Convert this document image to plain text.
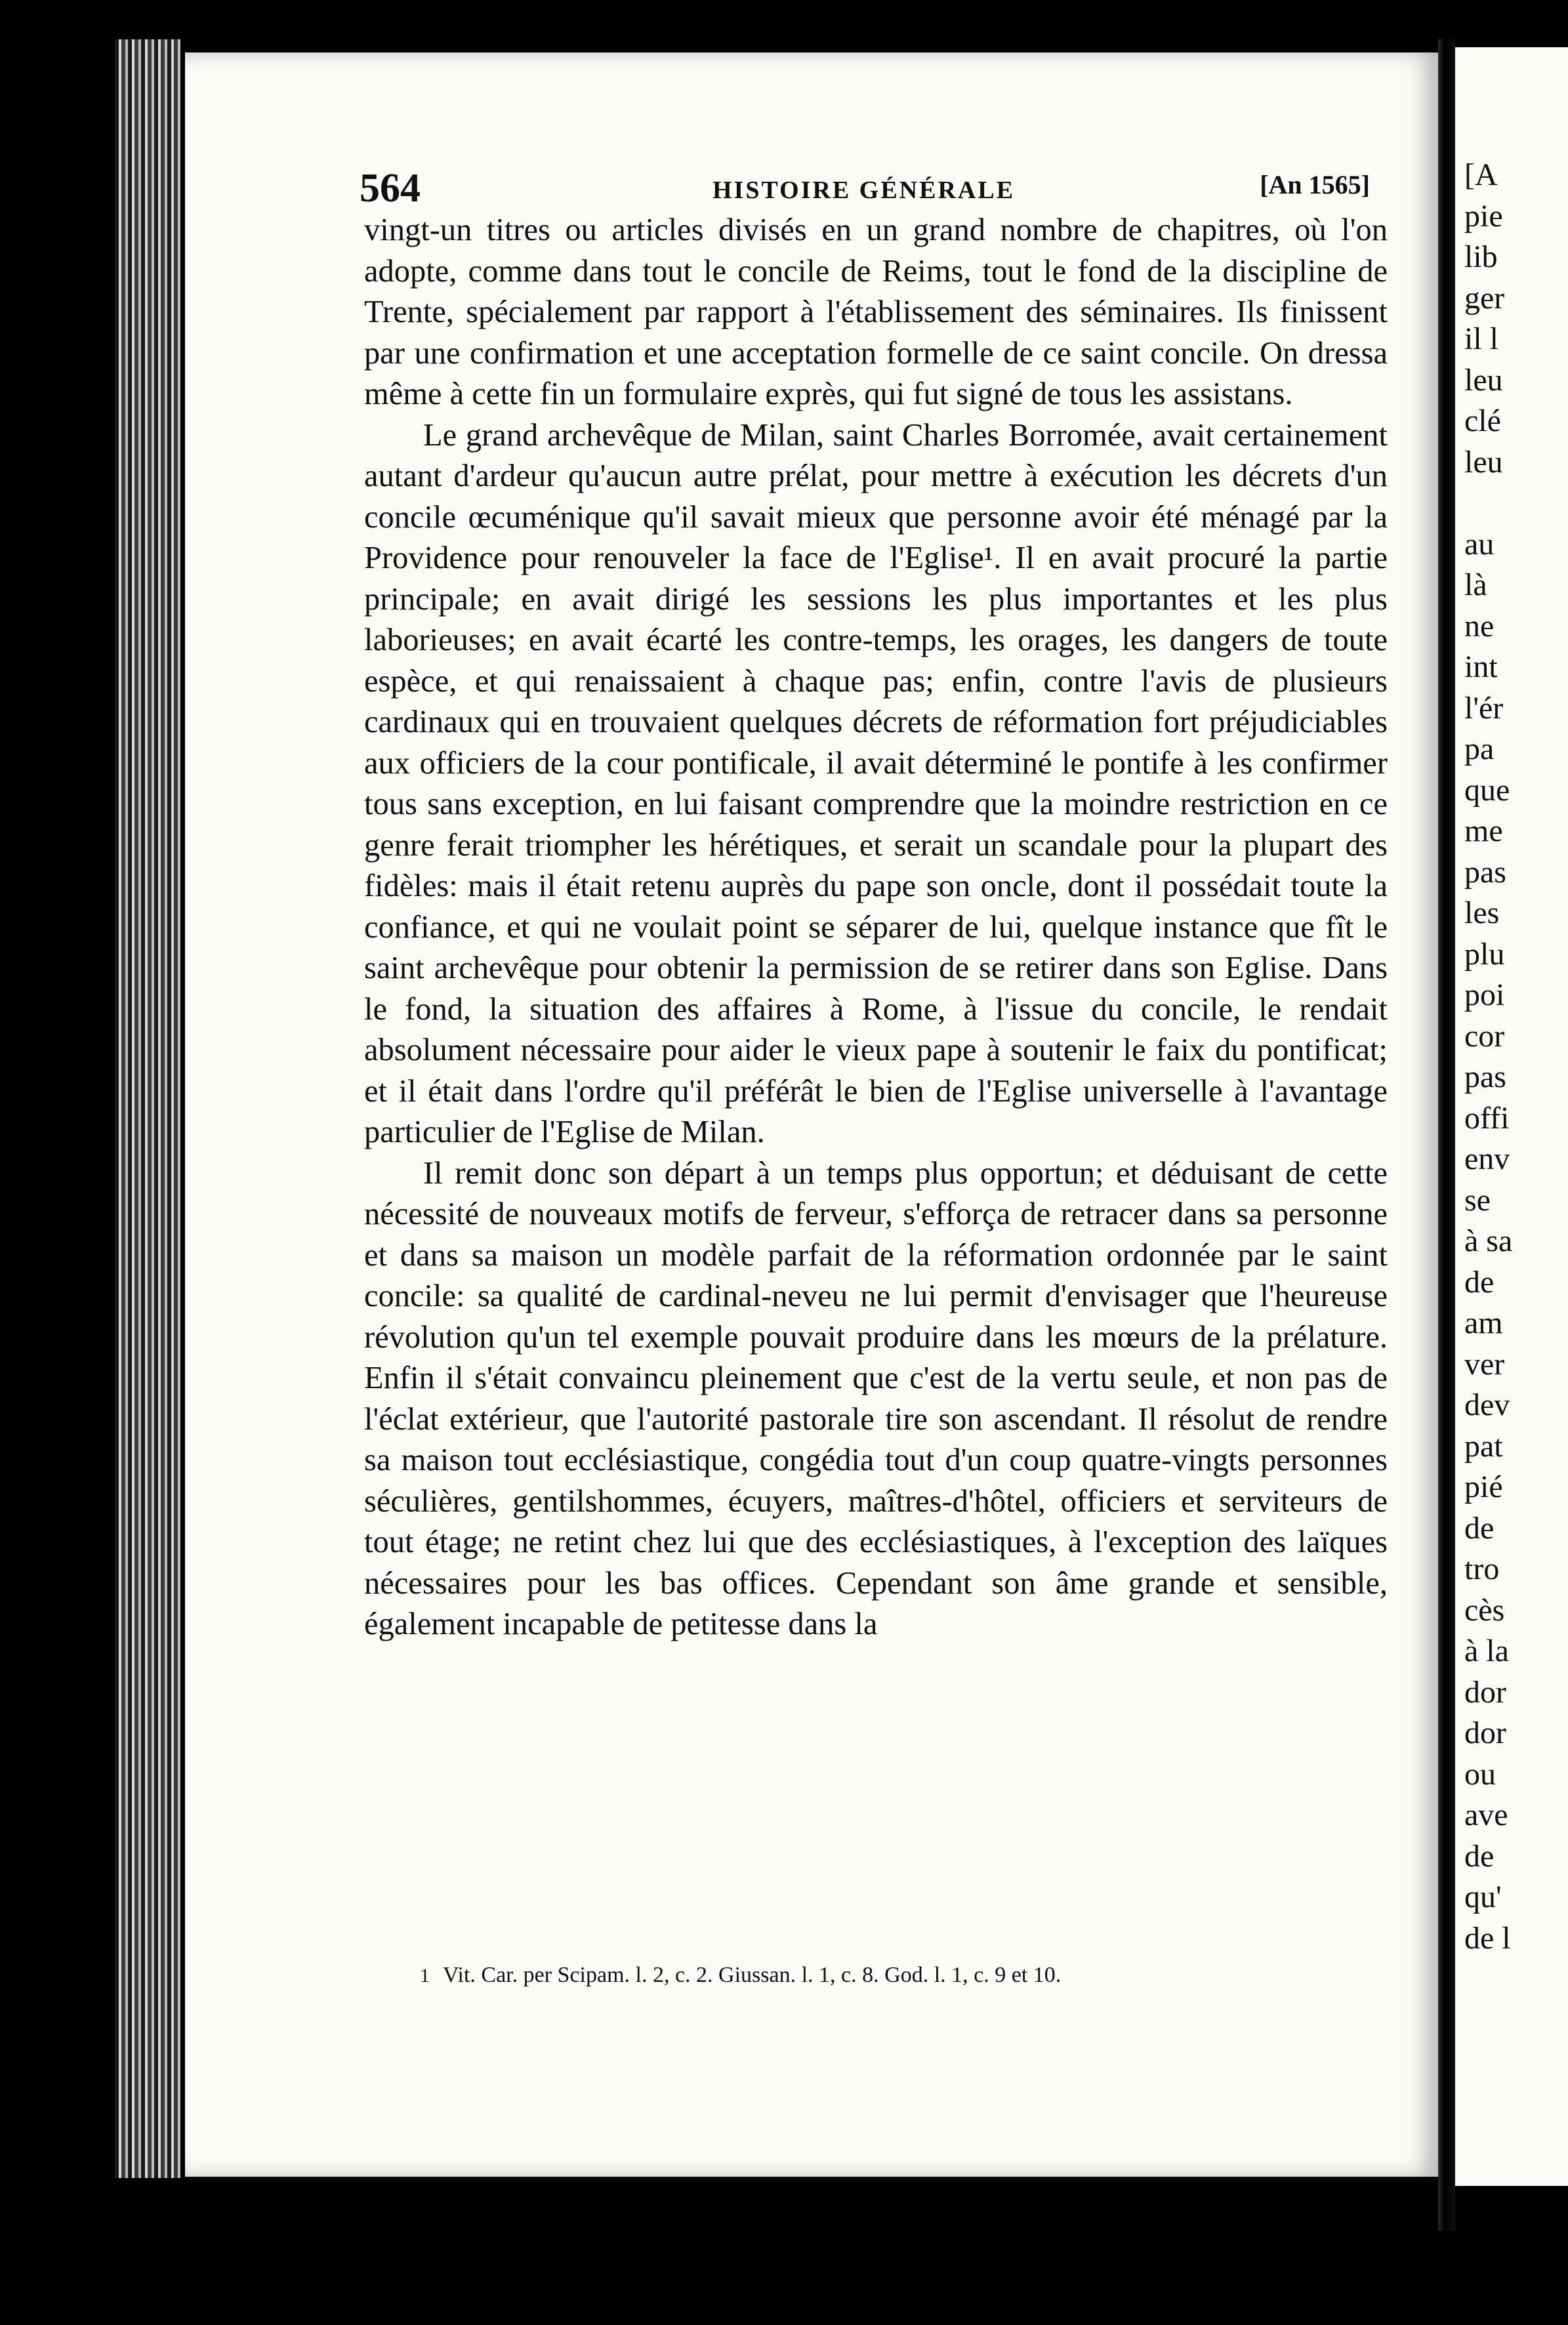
564	HISTOIRE GÉNÉRALE	[An 1565]

vingt-un titres ou articles divisés en un grand nombre de chapitres, où l'on adopte, comme dans tout le concile de Reims, tout le fond de la discipline de Trente, spécialement par rapport à l'établissement des séminaires. Ils finissent par une confirmation et une acceptation formelle de ce saint concile. On dressa même à cette fin un formulaire exprès, qui fut signé de tous les assistans.

Le grand archevêque de Milan, saint Charles Borromée, avait certainement autant d'ardeur qu'aucun autre prélat, pour mettre à exécution les décrets d'un concile œcuménique qu'il savait mieux que personne avoir été ménagé par la Providence pour renouveler la face de l'Eglise¹. Il en avait procuré la partie principale; en avait dirigé les sessions les plus importantes et les plus laborieuses; en avait écarté les contre-temps, les orages, les dangers de toute espèce, et qui renaissaient à chaque pas; enfin, contre l'avis de plusieurs cardinaux qui en trouvaient quelques décrets de réformation fort préjudiciables aux officiers de la cour pontificale, il avait déterminé le pontife à les confirmer tous sans exception, en lui faisant comprendre que la moindre restriction en ce genre ferait triompher les hérétiques, et serait un scandale pour la plupart des fidèles: mais il était retenu auprès du pape son oncle, dont il possédait toute la confiance, et qui ne voulait point se séparer de lui, quelque instance que fît le saint archevêque pour obtenir la permission de se retirer dans son Eglise. Dans le fond, la situation des affaires à Rome, à l'issue du concile, le rendait absolument nécessaire pour aider le vieux pape à soutenir le faix du pontificat; et il était dans l'ordre qu'il préférât le bien de l'Eglise universelle à l'avantage particulier de l'Eglise de Milan.

Il remit donc son départ à un temps plus opportun; et déduisant de cette nécessité de nouveaux motifs de ferveur, s'efforça de retracer dans sa personne et dans sa maison un modèle parfait de la réformation ordonnée par le saint concile: sa qualité de cardinal-neveu ne lui permit d'envisager que l'heureuse révolution qu'un tel exemple pouvait produire dans les mœurs de la prélature. Enfin il s'était convaincu pleinement que c'est de la vertu seule, et non pas de l'éclat extérieur, que l'autorité pastorale tire son ascendant. Il résolut de rendre sa maison tout ecclésiastique, congédia tout d'un coup quatre-vingts personnes séculières, gentilshommes, écuyers, maîtres-d'hôtel, officiers et serviteurs de tout étage; ne retint chez lui que des ecclésiastiques, à l'exception des laïques nécessaires pour les bas offices. Cependant son âme grande et sensible, également incapable de petitesse dans la

1 Vit. Car. per Scipam. l. 2, c. 2. Giussan. l. 1, c. 8. God. l. 1, c. 9 et 10.
[A
pie
lib
ger
il l
leu
clé
leu
au
là
ne
int
l'ér
pa
que
me
pas
les
plu
poi
cor
pas
offi
env
se
à sa
de
am
ver
dev
pat
pié
de
tro
cès
à la
dor
dor
ou
ave
de
qu'
de l
